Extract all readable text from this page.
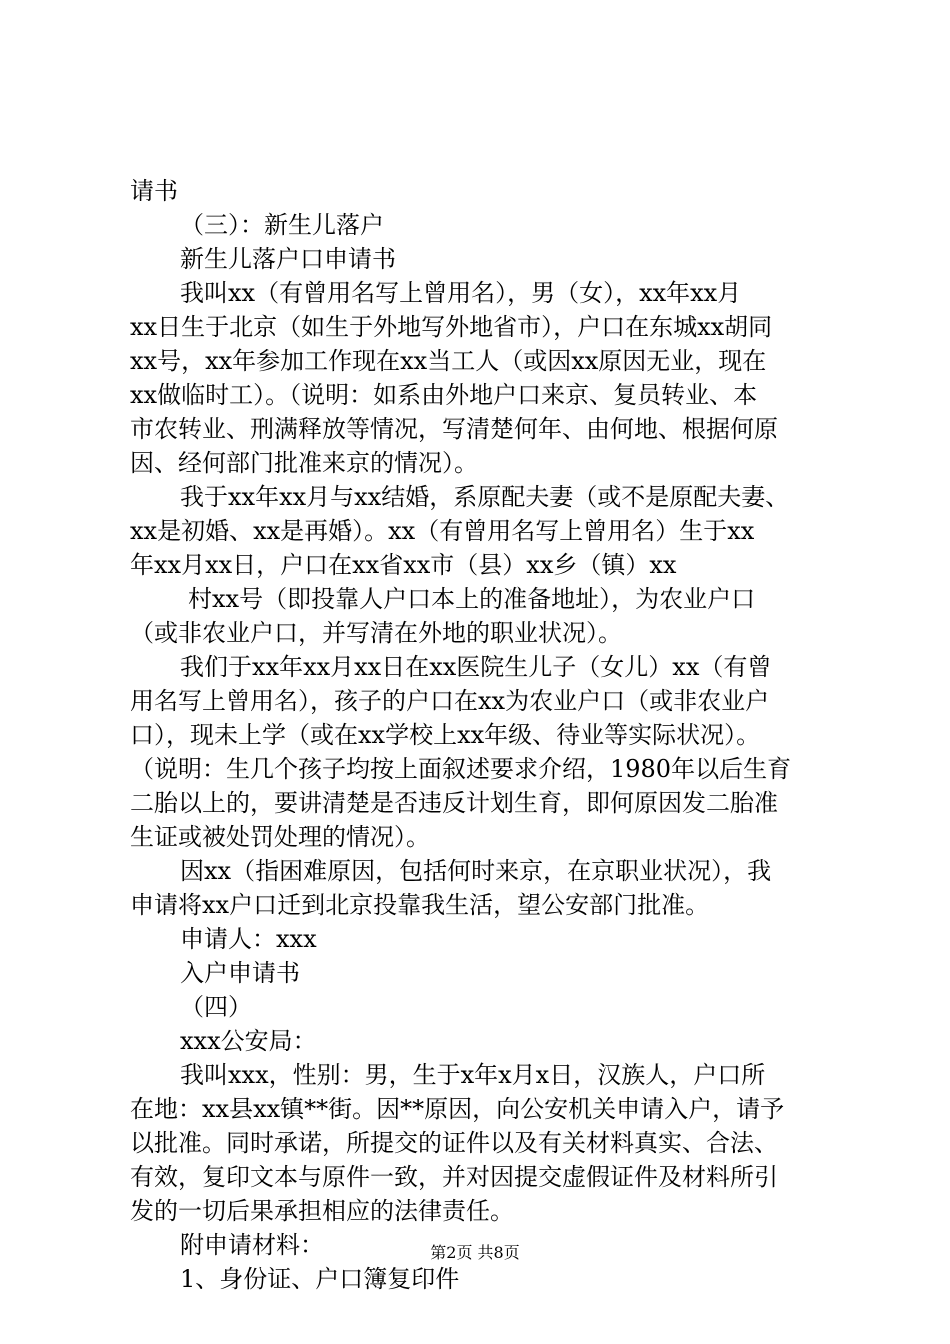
请书
（三）：新生儿落户
新生儿落户口申请书
我叫xx（有曾用名写上曾用名），男（女），xx年xx月
xx日生于北京（如生于外地写外地省市），户口在东城xx胡同
xx号，xx年参加工作现在xx当工人（或因xx原因无业，现在
xx做临时工）。（说明：如系由外地户口来京、复员转业、本
市农转业、刑满释放等情况，写清楚何年、由何地、根据何原
因、经何部门批准来京的情况）。
我于xx年xx月与xx结婚，系原配夫妻（或不是原配夫妻、
xx是初婚、xx是再婚）。xx（有曾用名写上曾用名）生于xx
年xx月xx日，户口在xx省xx市（县）xx乡（镇）xx
村xx号（即投靠人户口本上的准备地址），为农业户口
（或非农业户口，并写清在外地的职业状况）。
我们于xx年xx月xx日在xx医院生儿子（女儿）xx（有曾
用名写上曾用名），孩子的户口在xx为农业户口（或非农业户
口），现未上学（或在xx学校上xx年级、待业等实际状况）。
（说明：生几个孩子均按上面叙述要求介绍，1980年以后生育
二胎以上的，要讲清楚是否违反计划生育，即何原因发二胎准
生证或被处罚处理的情况）。
因xx（指困难原因，包括何时来京，在京职业状况），我
申请将xx户口迁到北京投靠我生活，望公安部门批准。
申请人：xxx
入户申请书
（四）
xxx公安局：
我叫xxx，性别：男，生于x年x月x日，汉族人，户口所
在地：xx县xx镇**街。因**原因，向公安机关申请入户，请予
以批准。同时承诺，所提交的证件以及有关材料真实、合法、
有效，复印文本与原件一致，并对因提交虚假证件及材料所引
发的一切后果承担相应的法律责任。
附申请材料：
1、身份证、户口簿复印件
第2页 共8页
